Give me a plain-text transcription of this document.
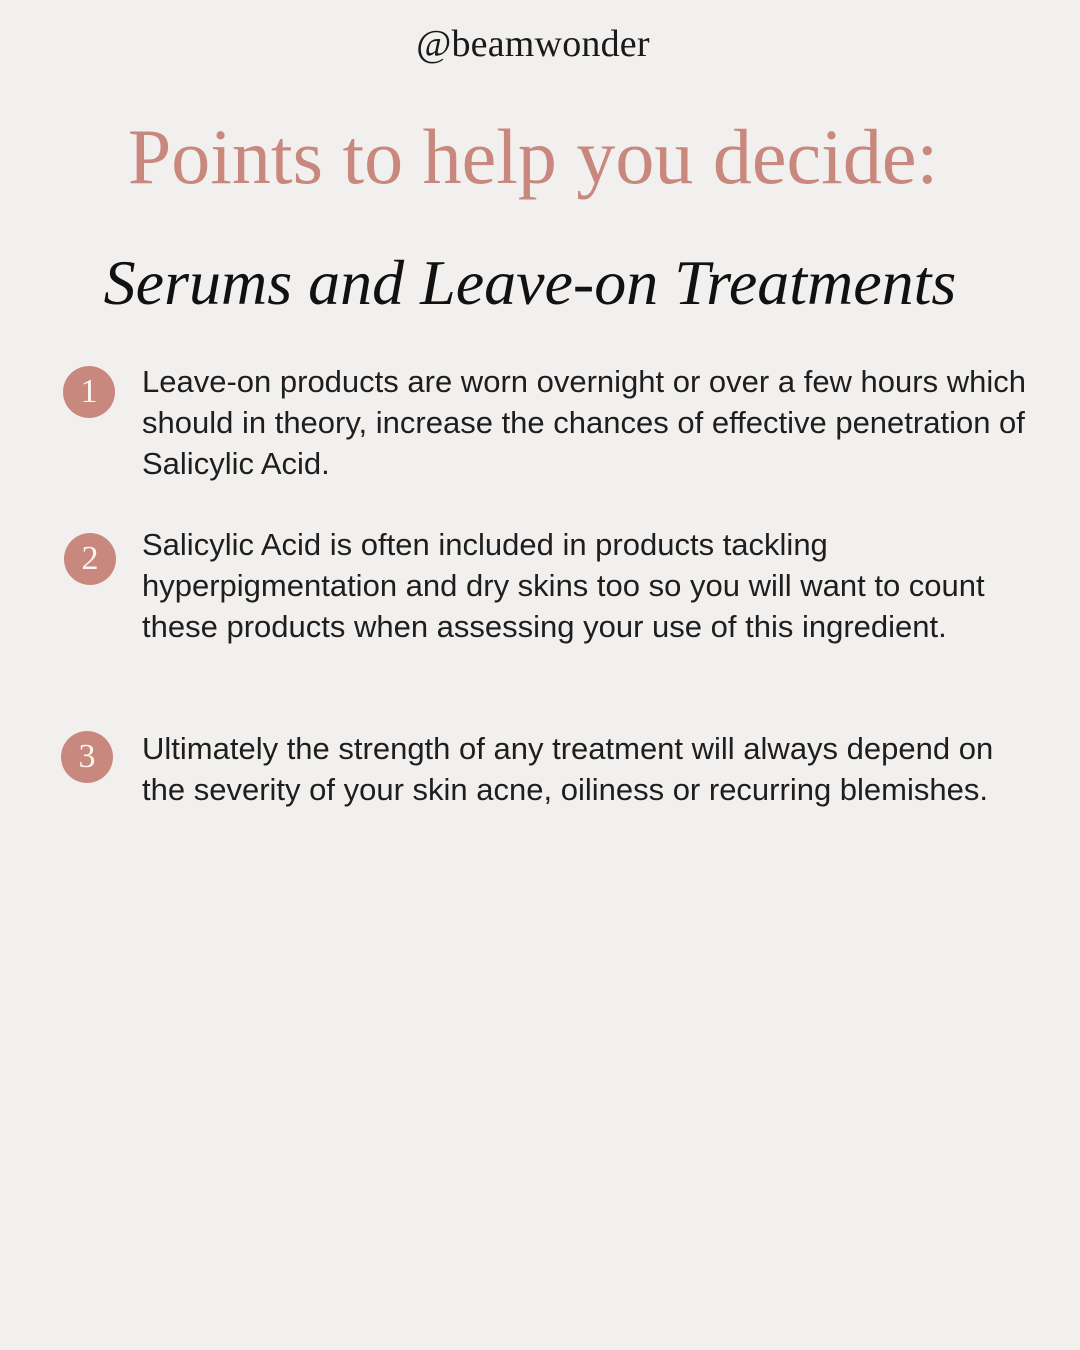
@beamwonder
Points to help you decide:
Serums and Leave-on Treatments
1	Leave-on products are worn overnight or over a few hours which should in theory, increase the chances of effective penetration of Salicylic Acid.
2	Salicylic Acid is often included in products tackling hyperpigmentation and dry skins too so you will want to count these products when assessing your use of this ingredient.
3	Ultimately the strength of any treatment will always depend on the severity of your skin acne, oiliness or recurring blemishes.
